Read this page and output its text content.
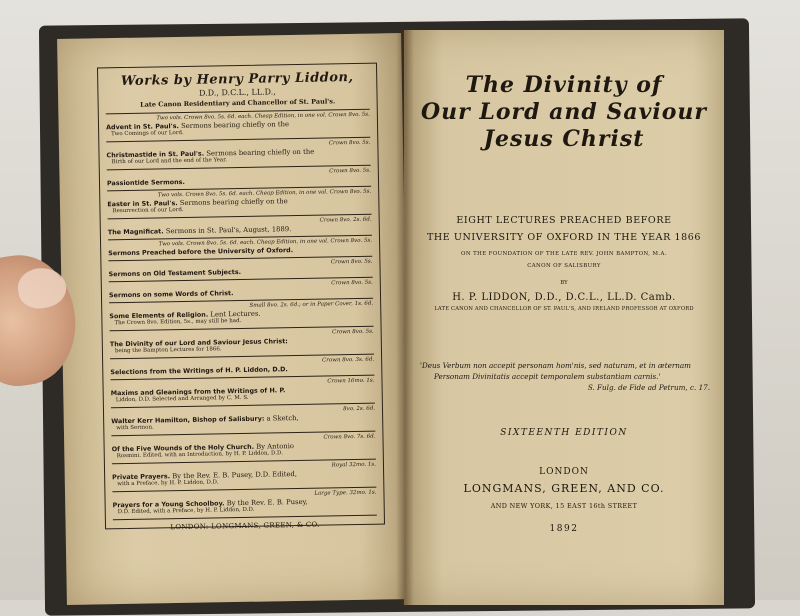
Works by Henry Parry Liddon,
D.D., D.C.L., LL.D.,
Late Canon Residentiary and Chancellor of St. Paul's.
Two vols. Crown 8vo. 5s. 6d. each. Cheap Edition, in one vol. Crown 8vo. 5s.
Advent in St. Paul's. Sermons bearing chiefly on the
Two Comings of our Lord.
Crown 8vo. 5s.
Christmastide in St. Paul's. Sermons bearing chiefly on the
Birth of our Lord and the end of the Year.
Crown 8vo. 5s.
Passiontide Sermons.
Two vols. Crown 8vo. 5s. 6d. each. Cheap Edition, in one vol. Crown 8vo. 5s.
Easter in St. Paul's. Sermons bearing chiefly on the
Resurrection of our Lord.
Crown 8vo. 2s. 6d.
The Magnificat. Sermons in St. Paul's, August, 1889.
Two vols. Crown 8vo. 5s. 6d. each. Cheap Edition, in one vol. Crown 8vo. 5s.
Sermons Preached before the University of Oxford.
Crown 8vo. 5s.
Sermons on Old Testament Subjects.
Crown 8vo. 5s.
Sermons on some Words of Christ.
Small 8vo. 2s. 6d.; or in Paper Cover, 1s. 6d.
Some Elements of Religion. Lent Lectures.
The Crown 8vo. Edition, 5s., may still be had.
Crown 8vo. 5s.
The Divinity of our Lord and Saviour Jesus Christ:
being the Bampton Lectures for 1866.
Crown 8vo. 3s. 6d.
Selections from the Writings of H. P. Liddon, D.D.
Crown 16mo. 1s.
Maxims and Gleanings from the Writings of H. P.
Liddon, D.D. Selected and Arranged by C. M. S.
8vo. 2s. 6d.
Walter Kerr Hamilton, Bishop of Salisbury: a Sketch,
with Sermon.
Crown 8vo. 7s. 6d.
Of the Five Wounds of the Holy Church. By Antonio
Rosmini. Edited, with an Introduction, by H. P. Liddon, D.D.
Royal 32mo. 1s.
Private Prayers. By the Rev. E. B. Pusey, D.D. Edited,
with a Preface, by H. P. Liddon, D.D.
Large Type. 32mo. 1s.
Prayers for a Young Schoolboy. By the Rev. E. B. Pusey,
D.D. Edited, with a Preface, by H. P. Liddon, D.D.
LONDON: LONGMANS, GREEN, & CO.
The Divinity of
Our Lord and Saviour
Jesus Christ
EIGHT LECTURES PREACHED BEFORE
THE UNIVERSITY OF OXFORD IN THE YEAR 1866
ON THE FOUNDATION OF THE LATE REV. JOHN BAMPTON, M.A.
CANON OF SALISBURY
BY
H. P. LIDDON, D.D., D.C.L., LL.D. Camb.
LATE CANON AND CHANCELLOR OF ST. PAUL'S, AND IRELAND PROFESSOR AT OXFORD
'Deus Verbum non accepit personam hom'nis, sed naturam, et in æternam
Personam Divinitatis accepit temporalem substantiam carnis.'
S. Fulg. de Fide ad Petrum, c. 17.
SIXTEENTH EDITION
LONDON
LONGMANS, GREEN, AND CO.
AND NEW YORK, 15 EAST 16th STREET
1892
